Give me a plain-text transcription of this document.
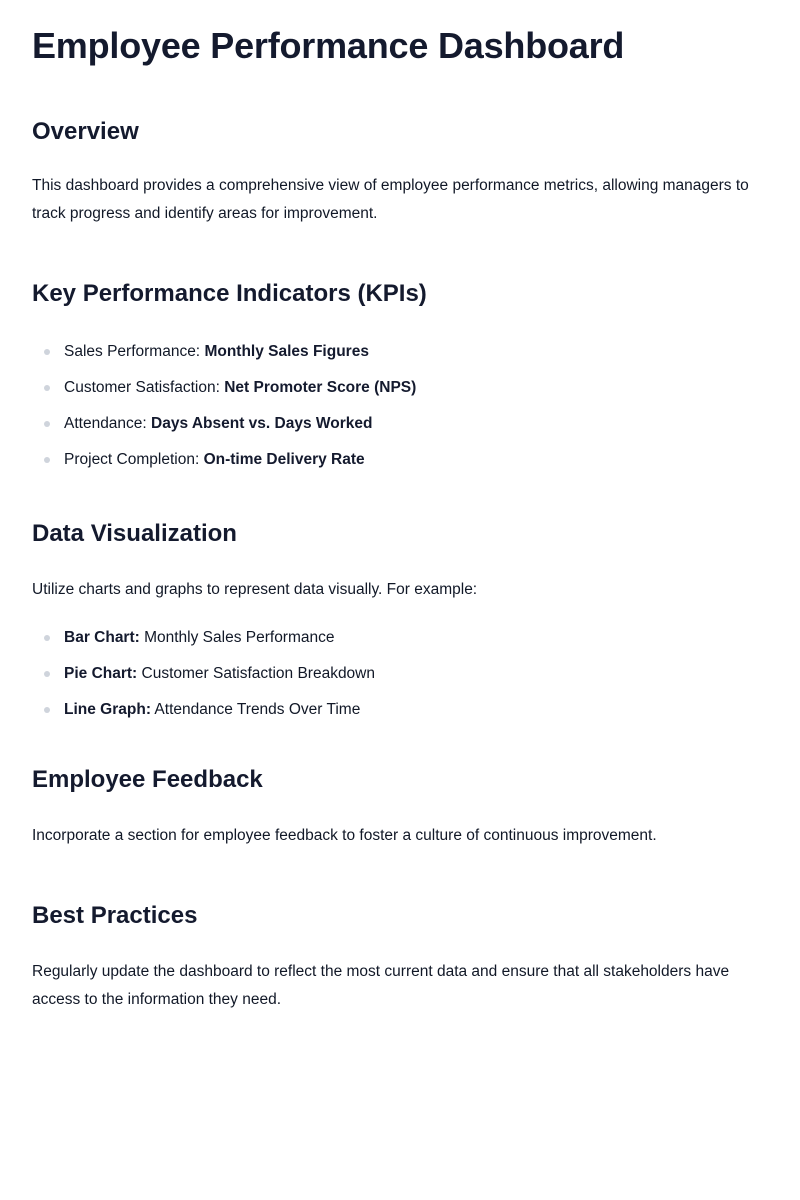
Employee Performance Dashboard
Overview

This dashboard provides a comprehensive view of employee performance metrics, allowing managers to track progress and identify areas for improvement.

Key Performance Indicators (KPIs)
Sales Performance: Monthly Sales Figures
Customer Satisfaction: Net Promoter Score (NPS)
Attendance: Days Absent vs. Days Worked
Project Completion: On-time Delivery Rate
Data Visualization

Utilize charts and graphs to represent data visually. For example:

Bar Chart: Monthly Sales Performance
Pie Chart: Customer Satisfaction Breakdown
Line Graph: Attendance Trends Over Time
Employee Feedback

Incorporate a section for employee feedback to foster a culture of continuous improvement.

Best Practices

Regularly update the dashboard to reflect the most current data and ensure that all stakeholders have access to the information they need.
